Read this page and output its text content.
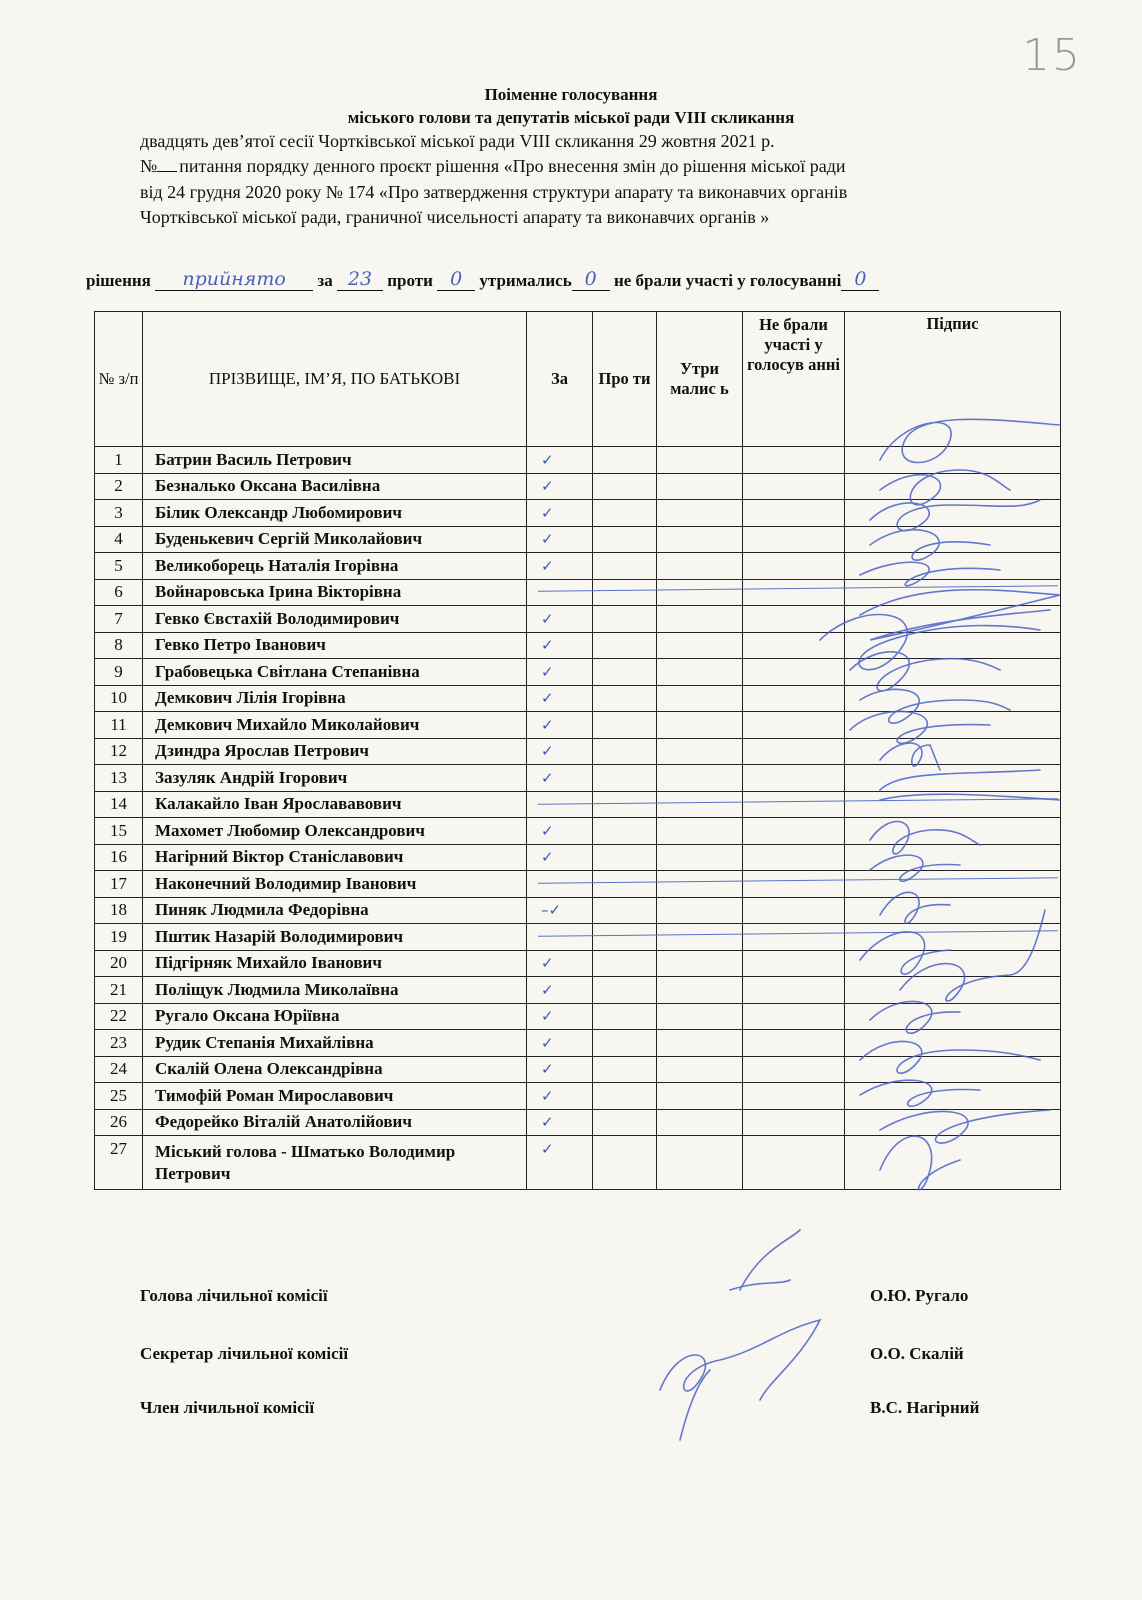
15
Поіменне голосування
міського голови та депутатів міської ради VIII скликання
двадцять дев’ятої сесії Чортківської міської ради VIII скликання 29 жовтня 2021 р.
№ питання порядку денного проєкт рішення «Про внесення змін до рішення міської ради
від 24 грудня 2020 року № 174 «Про затвердження структури апарату та виконавчих органів
Чортківської міської ради, граничної чисельності апарату та виконавчих органів »
рішення прийнято за 23 проти 0 утримались 0 не брали участі у голосуванні 0
№ з/п	ПРІЗВИЩЕ, ІМ’Я, ПО БАТЬКОВІ	За	Про ти	Утри малис ь	Не брали участі у голосув анні	Підпис
1	Батрин Василь Петрович	✓				
2	Безналько Оксана Василівна	✓				
3	Білик Олександр Любомирович	✓				
4	Буденькевич Сергій Миколайович	✓				
5	Великоборець Наталія Ігорівна	✓				
6	Войнаровська Ірина Вікторівна					
7	Гевко Євстахій Володимирович	✓				
8	Гевко Петро Іванович	✓				
9	Грабовецька Світлана Степанівна	✓				
10	Демкович Лілія Ігорівна	✓				
11	Демкович Михайло Миколайович	✓				
12	Дзиндра Ярослав Петрович	✓				
13	Зазуляк Андрій Ігорович	✓				
14	Калакайло Іван Ярослававович					
15	Махомет Любомир Олександрович	✓				
16	Нагірний Віктор Станіславович	✓				
17	Наконечний Володимир Іванович					
18	Пиняк Людмила Федорівна	–✓				
19	Пштик Назарій Володимирович					
20	Підгірняк Михайло Іванович	✓				
21	Поліщук Людмила Миколаївна	✓				
22	Ругало Оксана Юріївна	✓				
23	Рудик Степанія Михайлівна	✓				
24	Скалій Олена Олександрівна	✓				
25	Тимофій Роман Мирославович	✓				
26	Федорейко Віталій Анатолійович	✓				
27	Міський голова - Шматько Володимир Петрович	✓				
Голова лічильної комісії	О.Ю. Ругало
Секретар лічильної комісії	О.О. Скалій
Член лічильної комісії	В.С. Нагірний
